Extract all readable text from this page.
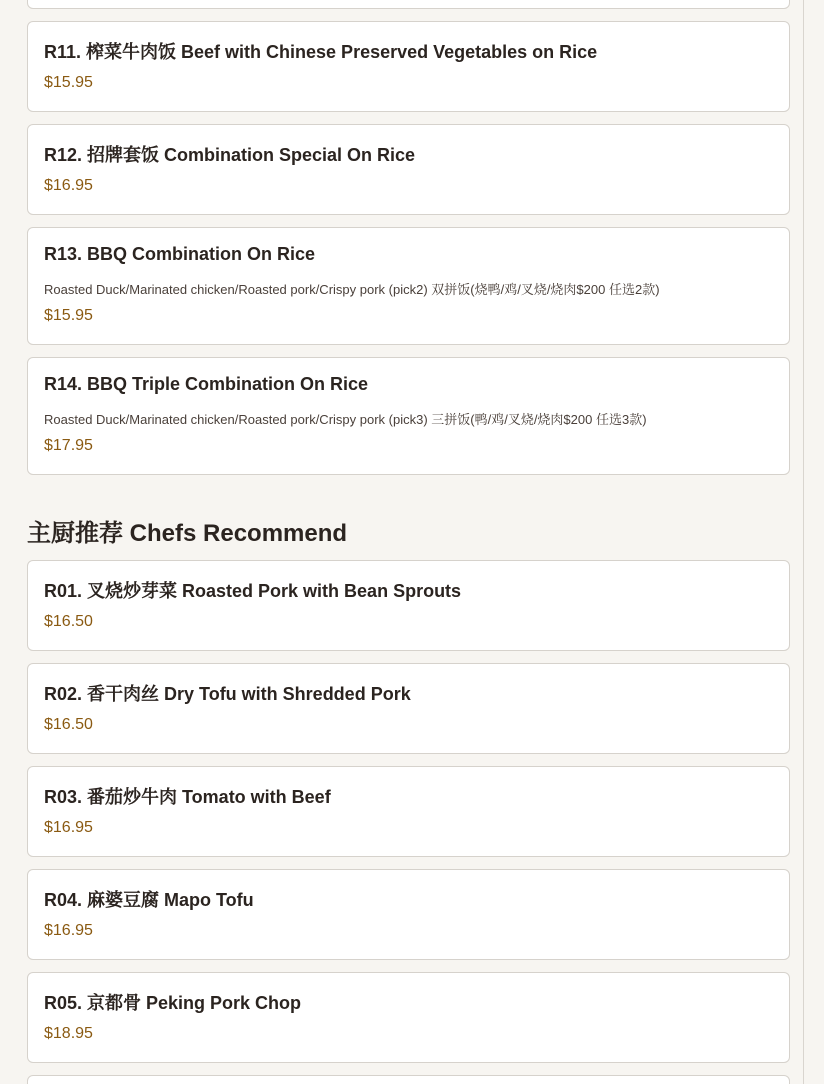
R11. 榨菜牛肉饭 Beef with Chinese Preserved Vegetables on Rice
$15.95
R12. 招牌套饭 Combination Special On Rice
$16.95
R13. BBQ Combination On Rice
Roasted Duck/Marinated chicken/Roasted pork/Crispy pork (pick2) 双拼饭(烧鸭/鸡/叉烧/烧肉$200 任选2款)
$15.95
R14. BBQ Triple Combination On Rice
Roasted Duck/Marinated chicken/Roasted pork/Crispy pork (pick3) 三拼饭(鸭/鸡/叉烧/烧肉$200 任选3款)
$17.95
主厨推荐 Chefs Recommend
R01. 叉烧炒芽菜 Roasted Pork with Bean Sprouts
$16.50
R02. 香干肉丝 Dry Tofu with Shredded Pork
$16.50
R03. 番茄炒牛肉 Tomato with Beef
$16.95
R04. 麻婆豆腐 Mapo Tofu
$16.95
R05. 京都骨 Peking Pork Chop
$18.95
